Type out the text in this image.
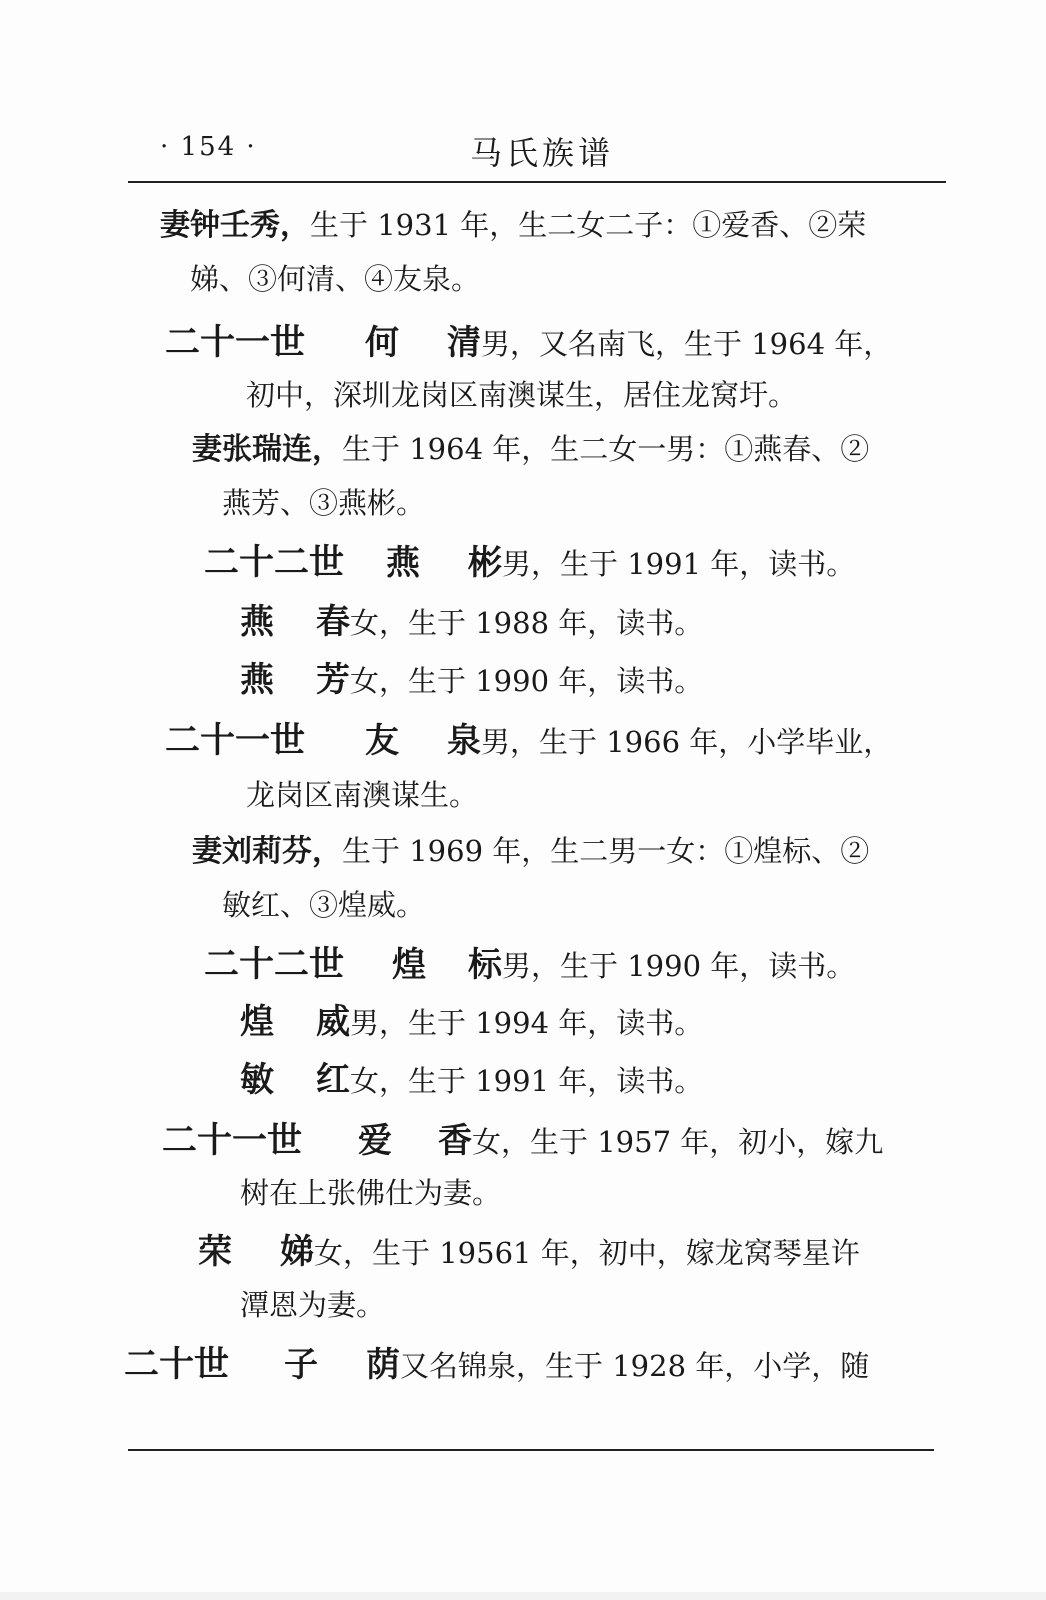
· 154 ·	马氏族谱
妻钟壬秀，生于 1931 年，生二女二子：①爱香、②荣
娣、③何清、④友泉。
二十一世 何 清男，又名南飞，生于 1964 年，
初中，深圳龙岗区南澳谋生，居住龙窝圩。
妻张瑞连，生于 1964 年，生二女一男：①燕春、②
燕芳、③燕彬。
二十二世 燕 彬男，生于 1991 年，读书。
燕 春女，生于 1988 年，读书。
燕 芳女，生于 1990 年，读书。
二十一世 友 泉男，生于 1966 年，小学毕业，
龙岗区南澳谋生。
妻刘莉芬，生于 1969 年，生二男一女：①煌标、②
敏红、③煌威。
二十二世 煌 标男，生于 1990 年，读书。
煌 威男，生于 1994 年，读书。
敏 红女，生于 1991 年，读书。
二十一世 爱 香女，生于 1957 年，初小，嫁九
树在上张佛仕为妻。
荣 娣女，生于 19561 年，初中，嫁龙窝琴星许
潭恩为妻。
二十世 子 荫又名锦泉，生于 1928 年，小学，随
